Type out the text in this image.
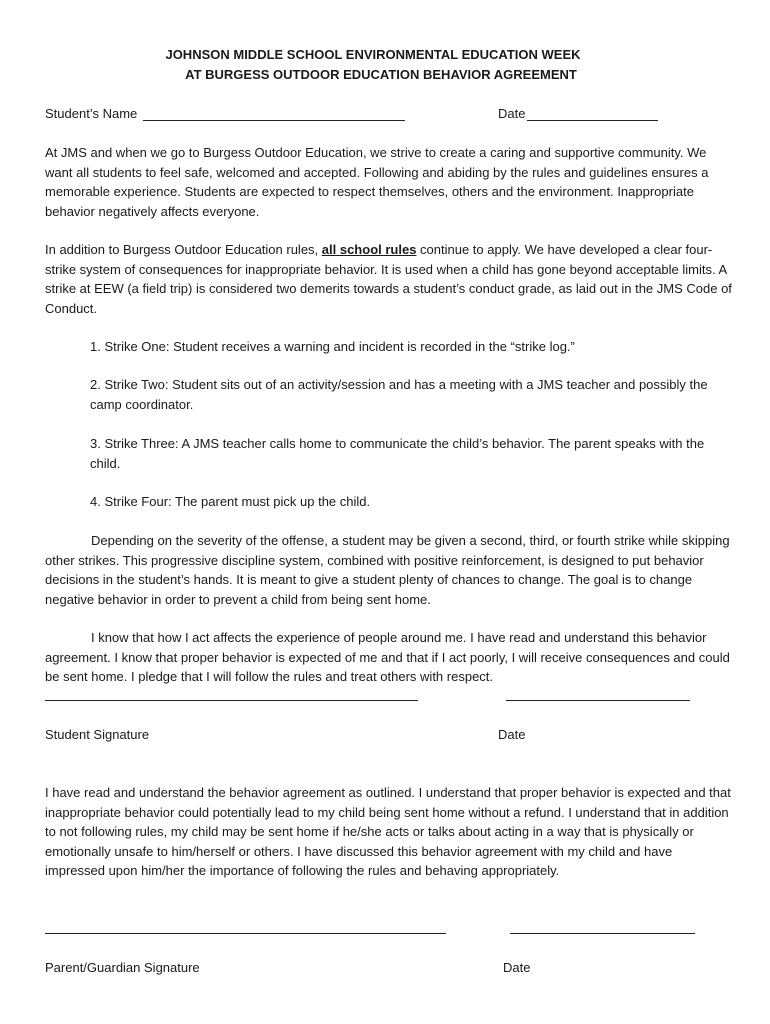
JOHNSON MIDDLE SCHOOL ENVIRONMENTAL EDUCATION WEEK
AT BURGESS OUTDOOR EDUCATION BEHAVIOR AGREEMENT
Student’s Name	Date

At JMS and when we go to Burgess Outdoor Education, we strive to create a caring and supportive community. We want all students to feel safe, welcomed and accepted. Following and abiding by the rules and guidelines ensures a memorable experience. Students are expected to respect themselves, others and the environment. Inappropriate behavior negatively affects everyone.

In addition to Burgess Outdoor Education rules, all school rules continue to apply. We have developed a clear four-strike system of consequences for inappropriate behavior. It is used when a child has gone beyond acceptable limits. A strike at EEW (a field trip) is considered two demerits towards a student’s conduct grade, as laid out in the JMS Code of Conduct.

1. Strike One: Student receives a warning and incident is recorded in the “strike log.”

2. Strike Two: Student sits out of an activity/session and has a meeting with a JMS teacher and possibly the camp coordinator.

3. Strike Three: A JMS teacher calls home to communicate the child’s behavior. The parent speaks with the child.

4. Strike Four: The parent must pick up the child.

Depending on the severity of the offense, a student may be given a second, third, or fourth strike while skipping other strikes. This progressive discipline system, combined with positive reinforcement, is designed to put behavior decisions in the student’s hands. It is meant to give a student plenty of chances to change. The goal is to change negative behavior in order to prevent a child from being sent home.

I know that how I act affects the experience of people around me. I have read and understand this behavior agreement. I know that proper behavior is expected of me and that if I act poorly, I will receive consequences and could be sent home. I pledge that I will follow the rules and treat others with respect.

Student Signature	Date

I have read and understand the behavior agreement as outlined. I understand that proper behavior is expected and that inappropriate behavior could potentially lead to my child being sent home without a refund. I understand that in addition to not following rules, my child may be sent home if he/she acts or talks about acting in a way that is physically or emotionally unsafe to him/herself or others. I have discussed this behavior agreement with my child and have impressed upon him/her the importance of following the rules and behaving appropriately.

Parent/Guardian Signature	Date
